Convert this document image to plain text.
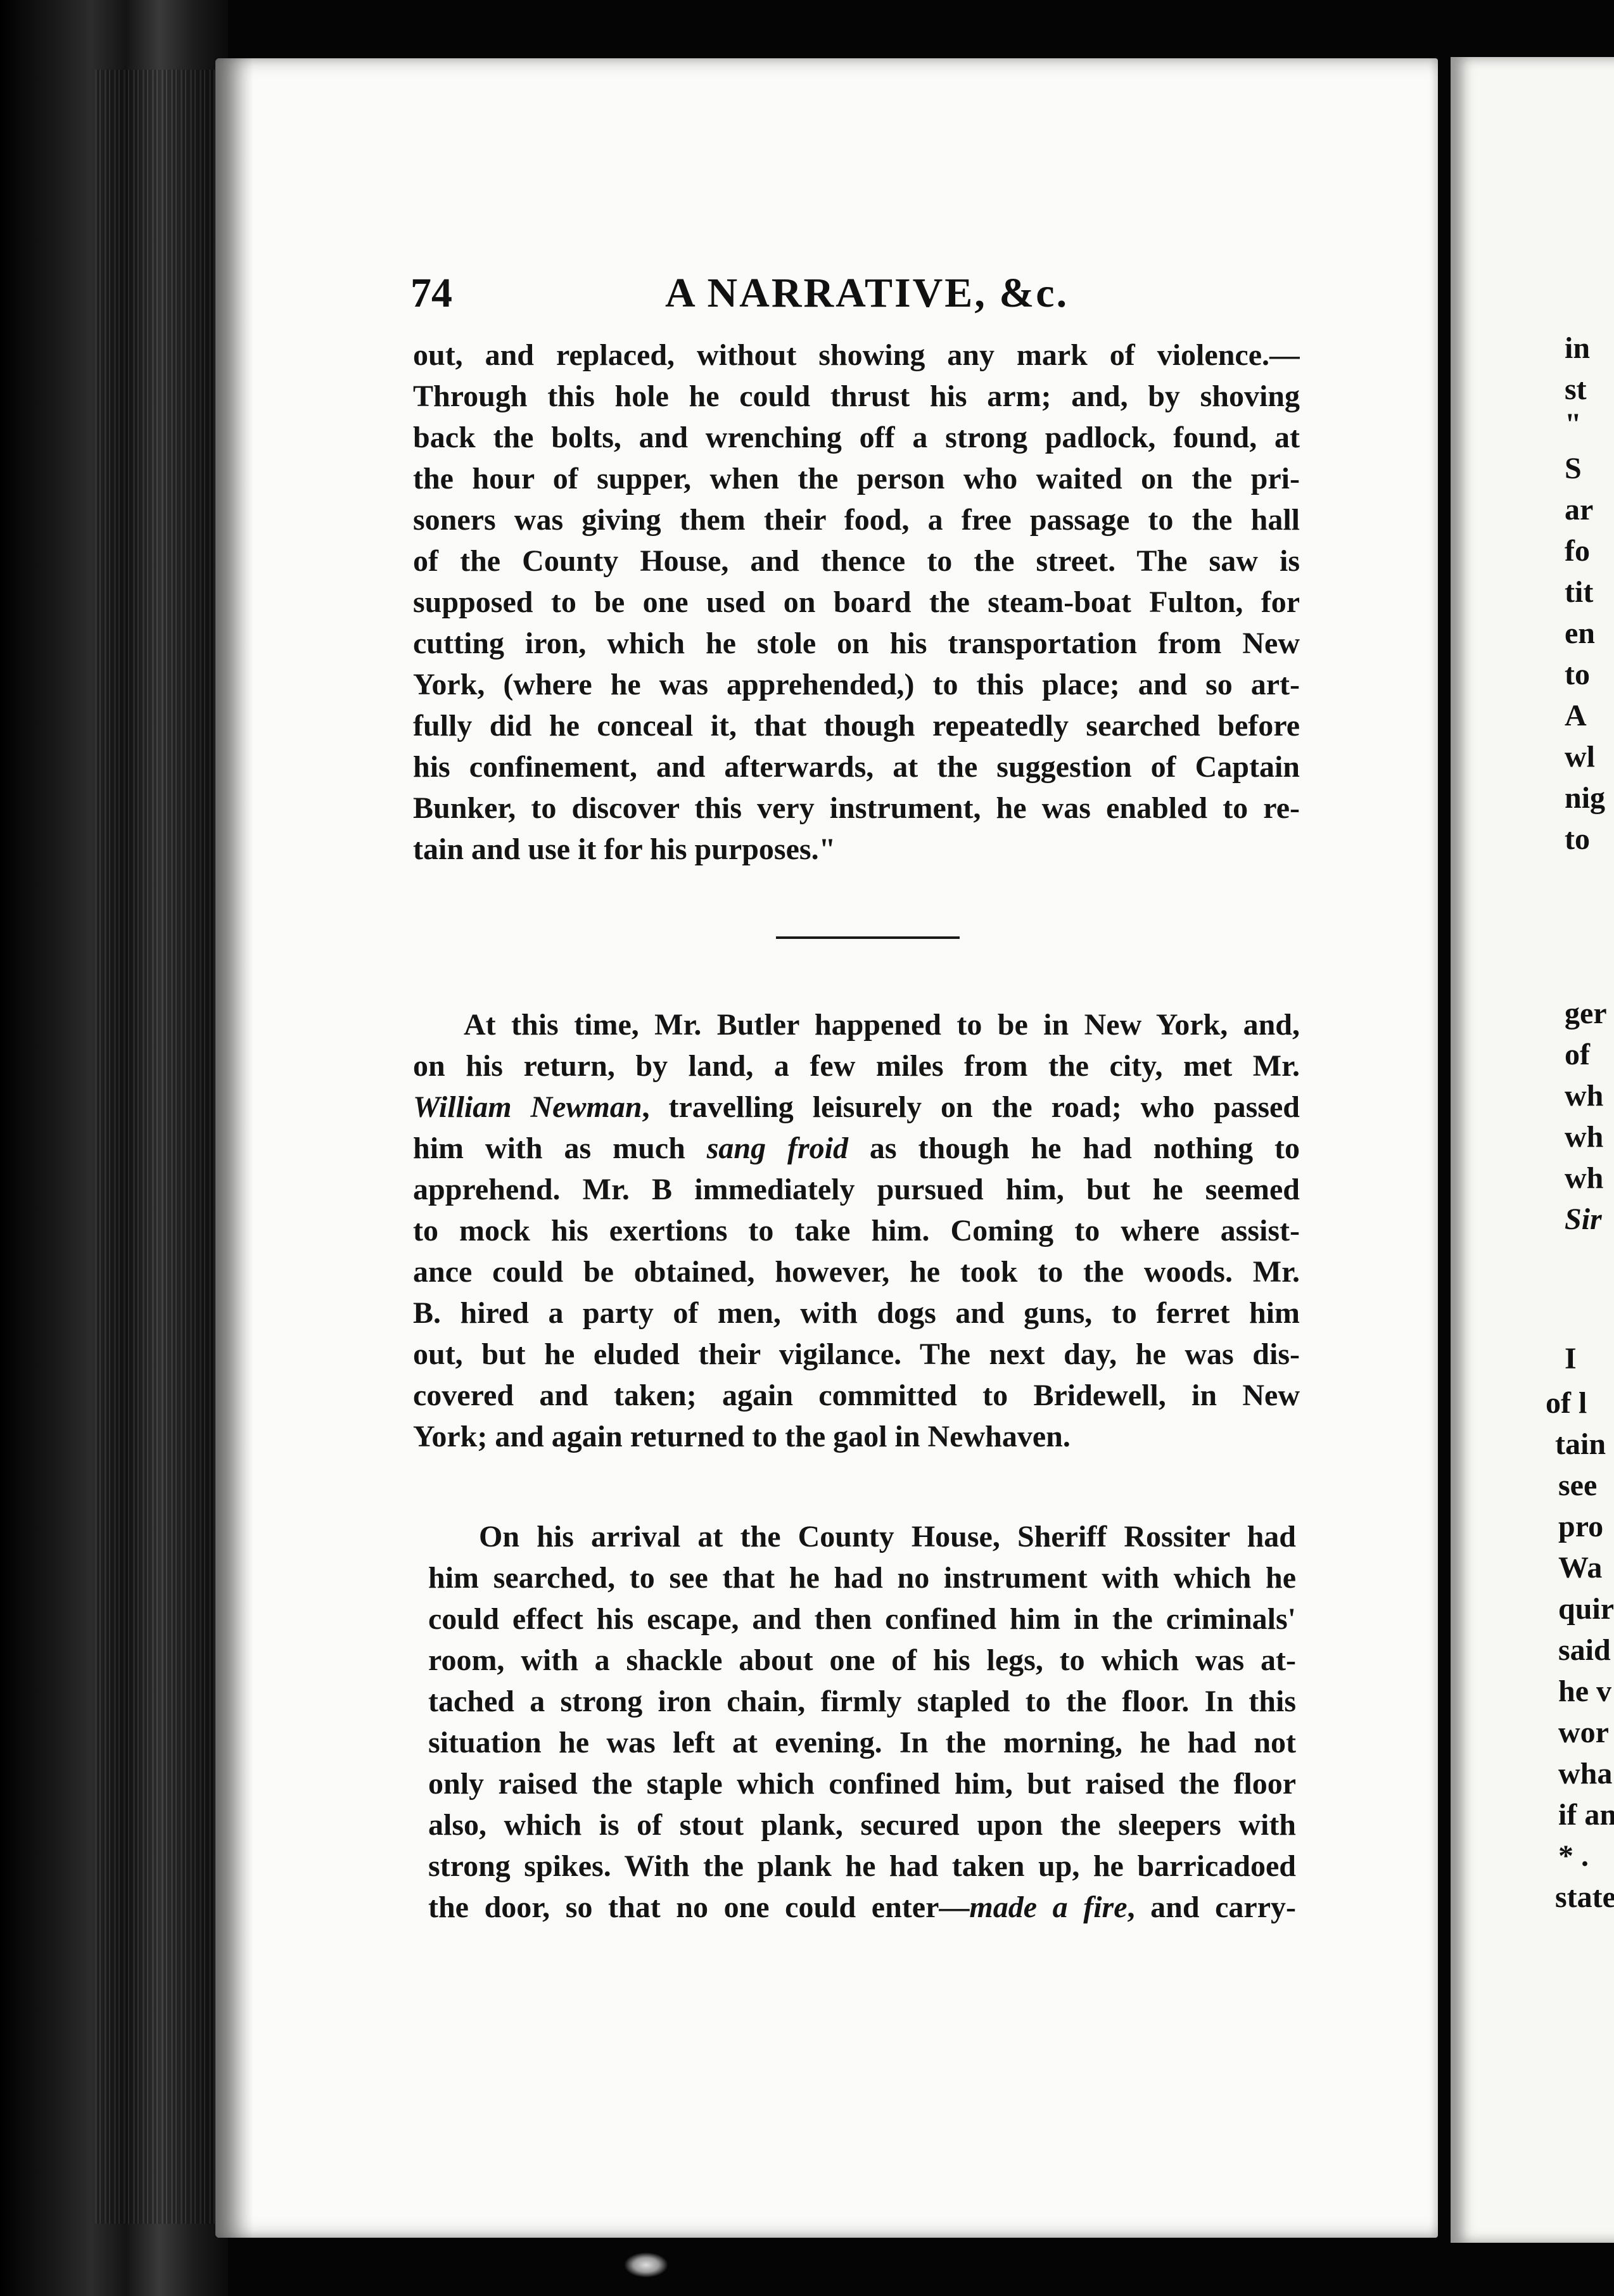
74	A NARRATIVE, &c.
out, and replaced, without showing any mark of violence.—
Through this hole he could thrust his arm; and, by shoving
back the bolts, and wrenching off a strong padlock, found, at
the hour of supper, when the person who waited on the pri-
soners was giving them their food, a free passage to the hall
of the County House, and thence to the street. The saw is
supposed to be one used on board the steam-boat Fulton, for
cutting iron, which he stole on his transportation from New
York, (where he was apprehended,) to this place; and so art-
fully did he conceal it, that though repeatedly searched before
his confinement, and afterwards, at the suggestion of Captain
Bunker, to discover this very instrument, he was enabled to re-
tain and use it for his purposes."
At this time, Mr. Butler happened to be in New York, and,
on his return, by land, a few miles from the city, met Mr.
William Newman, travelling leisurely on the road; who passed
him with as much sang froid as though he had nothing to
apprehend. Mr. B immediately pursued him, but he seemed
to mock his exertions to take him. Coming to where assist-
ance could be obtained, however, he took to the woods. Mr.
B. hired a party of men, with dogs and guns, to ferret him
out, but he eluded their vigilance. The next day, he was dis-
covered and taken; again committed to Bridewell, in New
York; and again returned to the gaol in Newhaven.
On his arrival at the County House, Sheriff Rossiter had
him searched, to see that he had no instrument with which he
could effect his escape, and then confined him in the criminals'
room, with a shackle about one of his legs, to which was at-
tached a strong iron chain, firmly stapled to the floor. In this
situation he was left at evening. In the morning, he had not
only raised the staple which confined him, but raised the floor
also, which is of stout plank, secured upon the sleepers with
strong spikes. With the plank he had taken up, he barricadoed
the door, so that no one could enter—made a fire, and carry-
